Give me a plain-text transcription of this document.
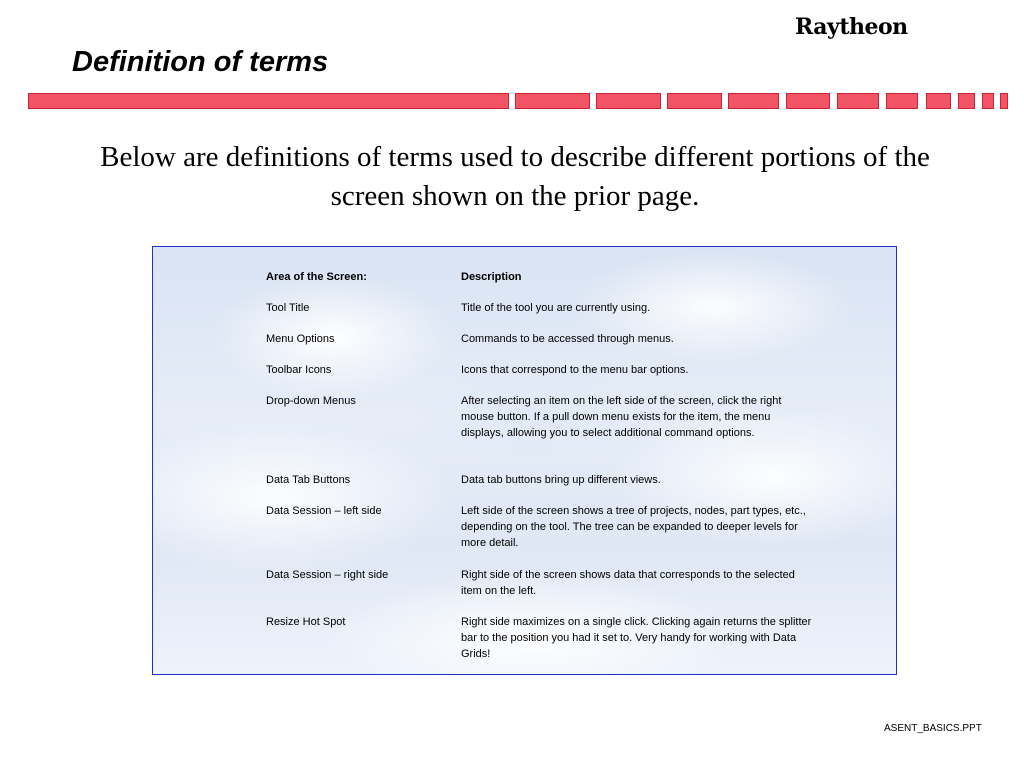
Raytheon
Definition of terms
Below are definitions of terms used to describe different portions of the screen shown on the prior page.
Area of the Screen:	Description
Tool Title	Title of the tool you are currently using.
Menu Options	Commands to be accessed through menus.
Toolbar Icons	Icons that correspond to the menu bar options.
Drop-down Menus	After selecting an item on the left side of the screen, click the right mouse button. If a pull down menu exists for the item, the menu displays, allowing you to select additional command options.
Data Tab Buttons	Data tab buttons bring up different views.
Data Session – left side	Left side of the screen shows a tree of projects, nodes, part types, etc., depending on the tool. The tree can be expanded to deeper levels for more detail.
Data Session – right side	Right side of the screen shows data that corresponds to the selected item on the left.
Resize Hot Spot	Right side maximizes on a single click. Clicking again returns the splitter bar to the position you had it set to. Very handy for working with Data Grids!
ASENT_BASICS.PPT
